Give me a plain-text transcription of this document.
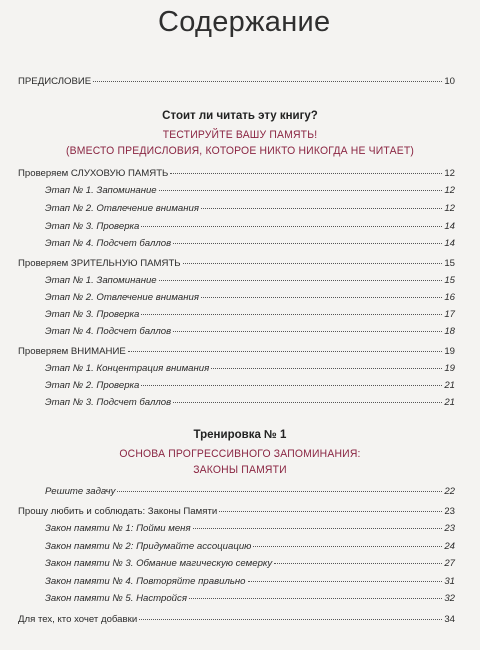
Содержание
ПРЕДИСЛОВИЕ	10
Стоит ли читать эту книгу?
ТЕСТИРУЙТЕ ВАШУ ПАМЯТЬ!
(ВМЕСТО ПРЕДИСЛОВИЯ, КОТОРОЕ НИКТО НИКОГДА НЕ ЧИТАЕТ)
Проверяем СЛУХОВУЮ ПАМЯТЬ	12
Этап № 1. Запоминание	12
Этап № 2. Отвлечение внимания	12
Этап № 3. Проверка	14
Этап № 4. Подсчет баллов	14
Проверяем ЗРИТЕЛЬНУЮ ПАМЯТЬ	15
Этап № 1. Запоминание	15
Этап № 2. Отвлечение внимания	16
Этап № 3. Проверка	17
Этап № 4. Подсчет баллов	18
Проверяем ВНИМАНИЕ	19
Этап № 1. Концентрация внимания	19
Этап № 2. Проверка	21
Этап № 3. Подсчет баллов	21
Тренировка № 1
ОСНОВА ПРОГРЕССИВНОГО ЗАПОМИНАНИЯ:
ЗАКОНЫ ПАМЯТИ
Решите задачу	22
Прошу любить и соблюдать: Законы Памяти	23
Закон памяти № 1: Пойми меня	23
Закон памяти № 2: Придумайте ассоциацию	24
Закон памяти № 3. Обмание магическую семерку	27
Закон памяти № 4. Повторяйте правильно	31
Закон памяти № 5. Настройся	32
Для тех, кто хочет добавки	34
